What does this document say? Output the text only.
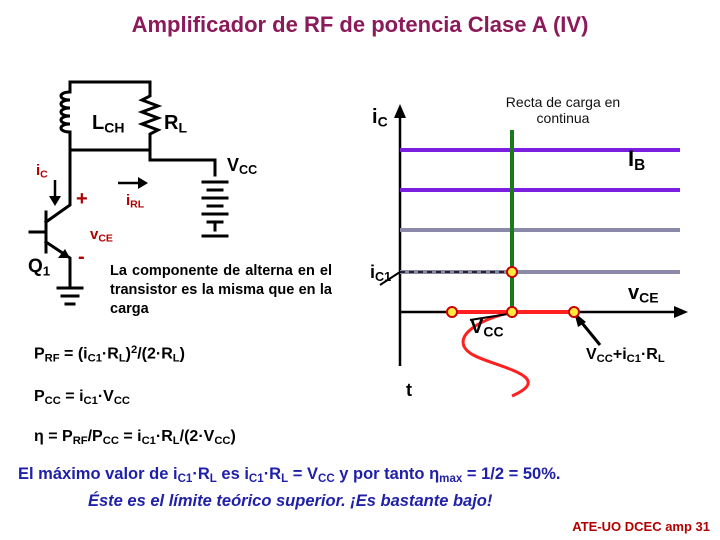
Amplificador de RF de potencia Clase A (IV)
$L_{CH}$ $R_L$
$V_{CC}$
$i_C$
$i_{RL}$
+
$v_{CE}$
-
$Q_1$	La componente de alterna en el transistor es la misma que en la carga
$i_C$
Recta de carga en continua
$I_B$
$i_{C1}$
$v_{CE}$
$V_{CC}$
$V_{CC}+i_{C1}\cdot R_L$
t
$P_{RF} = (i_{C1}\cdot R_L)^2/(2\cdot R_L)$
$P_{CC} = i_{C1}\cdot V_{CC}$
$\eta = P_{RF}/P_{CC} = i_{C1}\cdot R_L/(2\cdot V_{CC})$
El máximo valor de $i_{C1}\cdot R_L$ es $i_{C1}\cdot R_L = V_{CC}$ y por tanto $\eta_{max} = 1/2 = 50\%$.
Éste es el límite teórico superior. ¡Es bastante bajo!
ATE-UO DCEC amp 31
